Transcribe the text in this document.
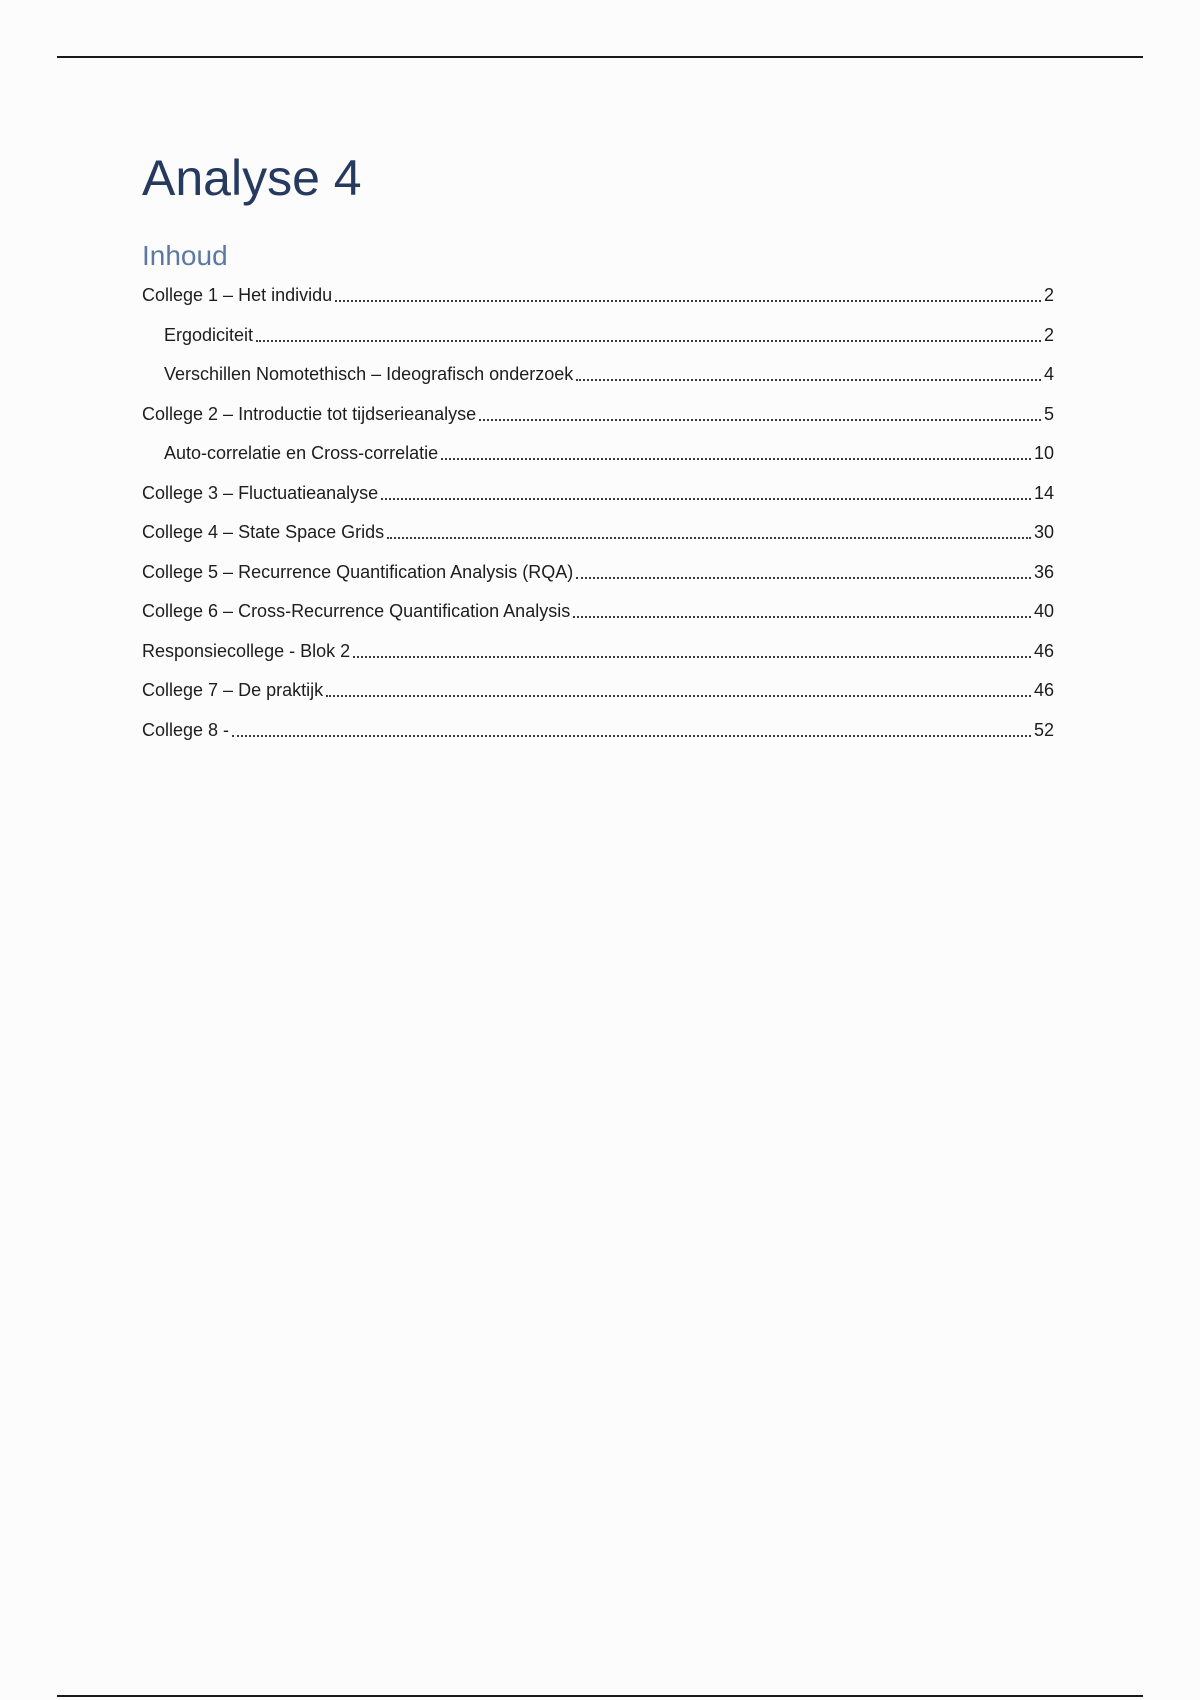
Analyse 4
Inhoud
College 1 – Het individu	2
Ergodiciteit	2
Verschillen Nomotethisch – Ideografisch onderzoek	4
College 2 – Introductie tot tijdserieanalyse	5
Auto-correlatie en Cross-correlatie	10
College 3 – Fluctuatieanalyse	14
College 4 – State Space Grids	30
College 5 – Recurrence Quantification Analysis (RQA)	36
College 6 – Cross-Recurrence Quantification Analysis	40
Responsiecollege - Blok 2	46
College 7 – De praktijk	46
College 8 -	52
